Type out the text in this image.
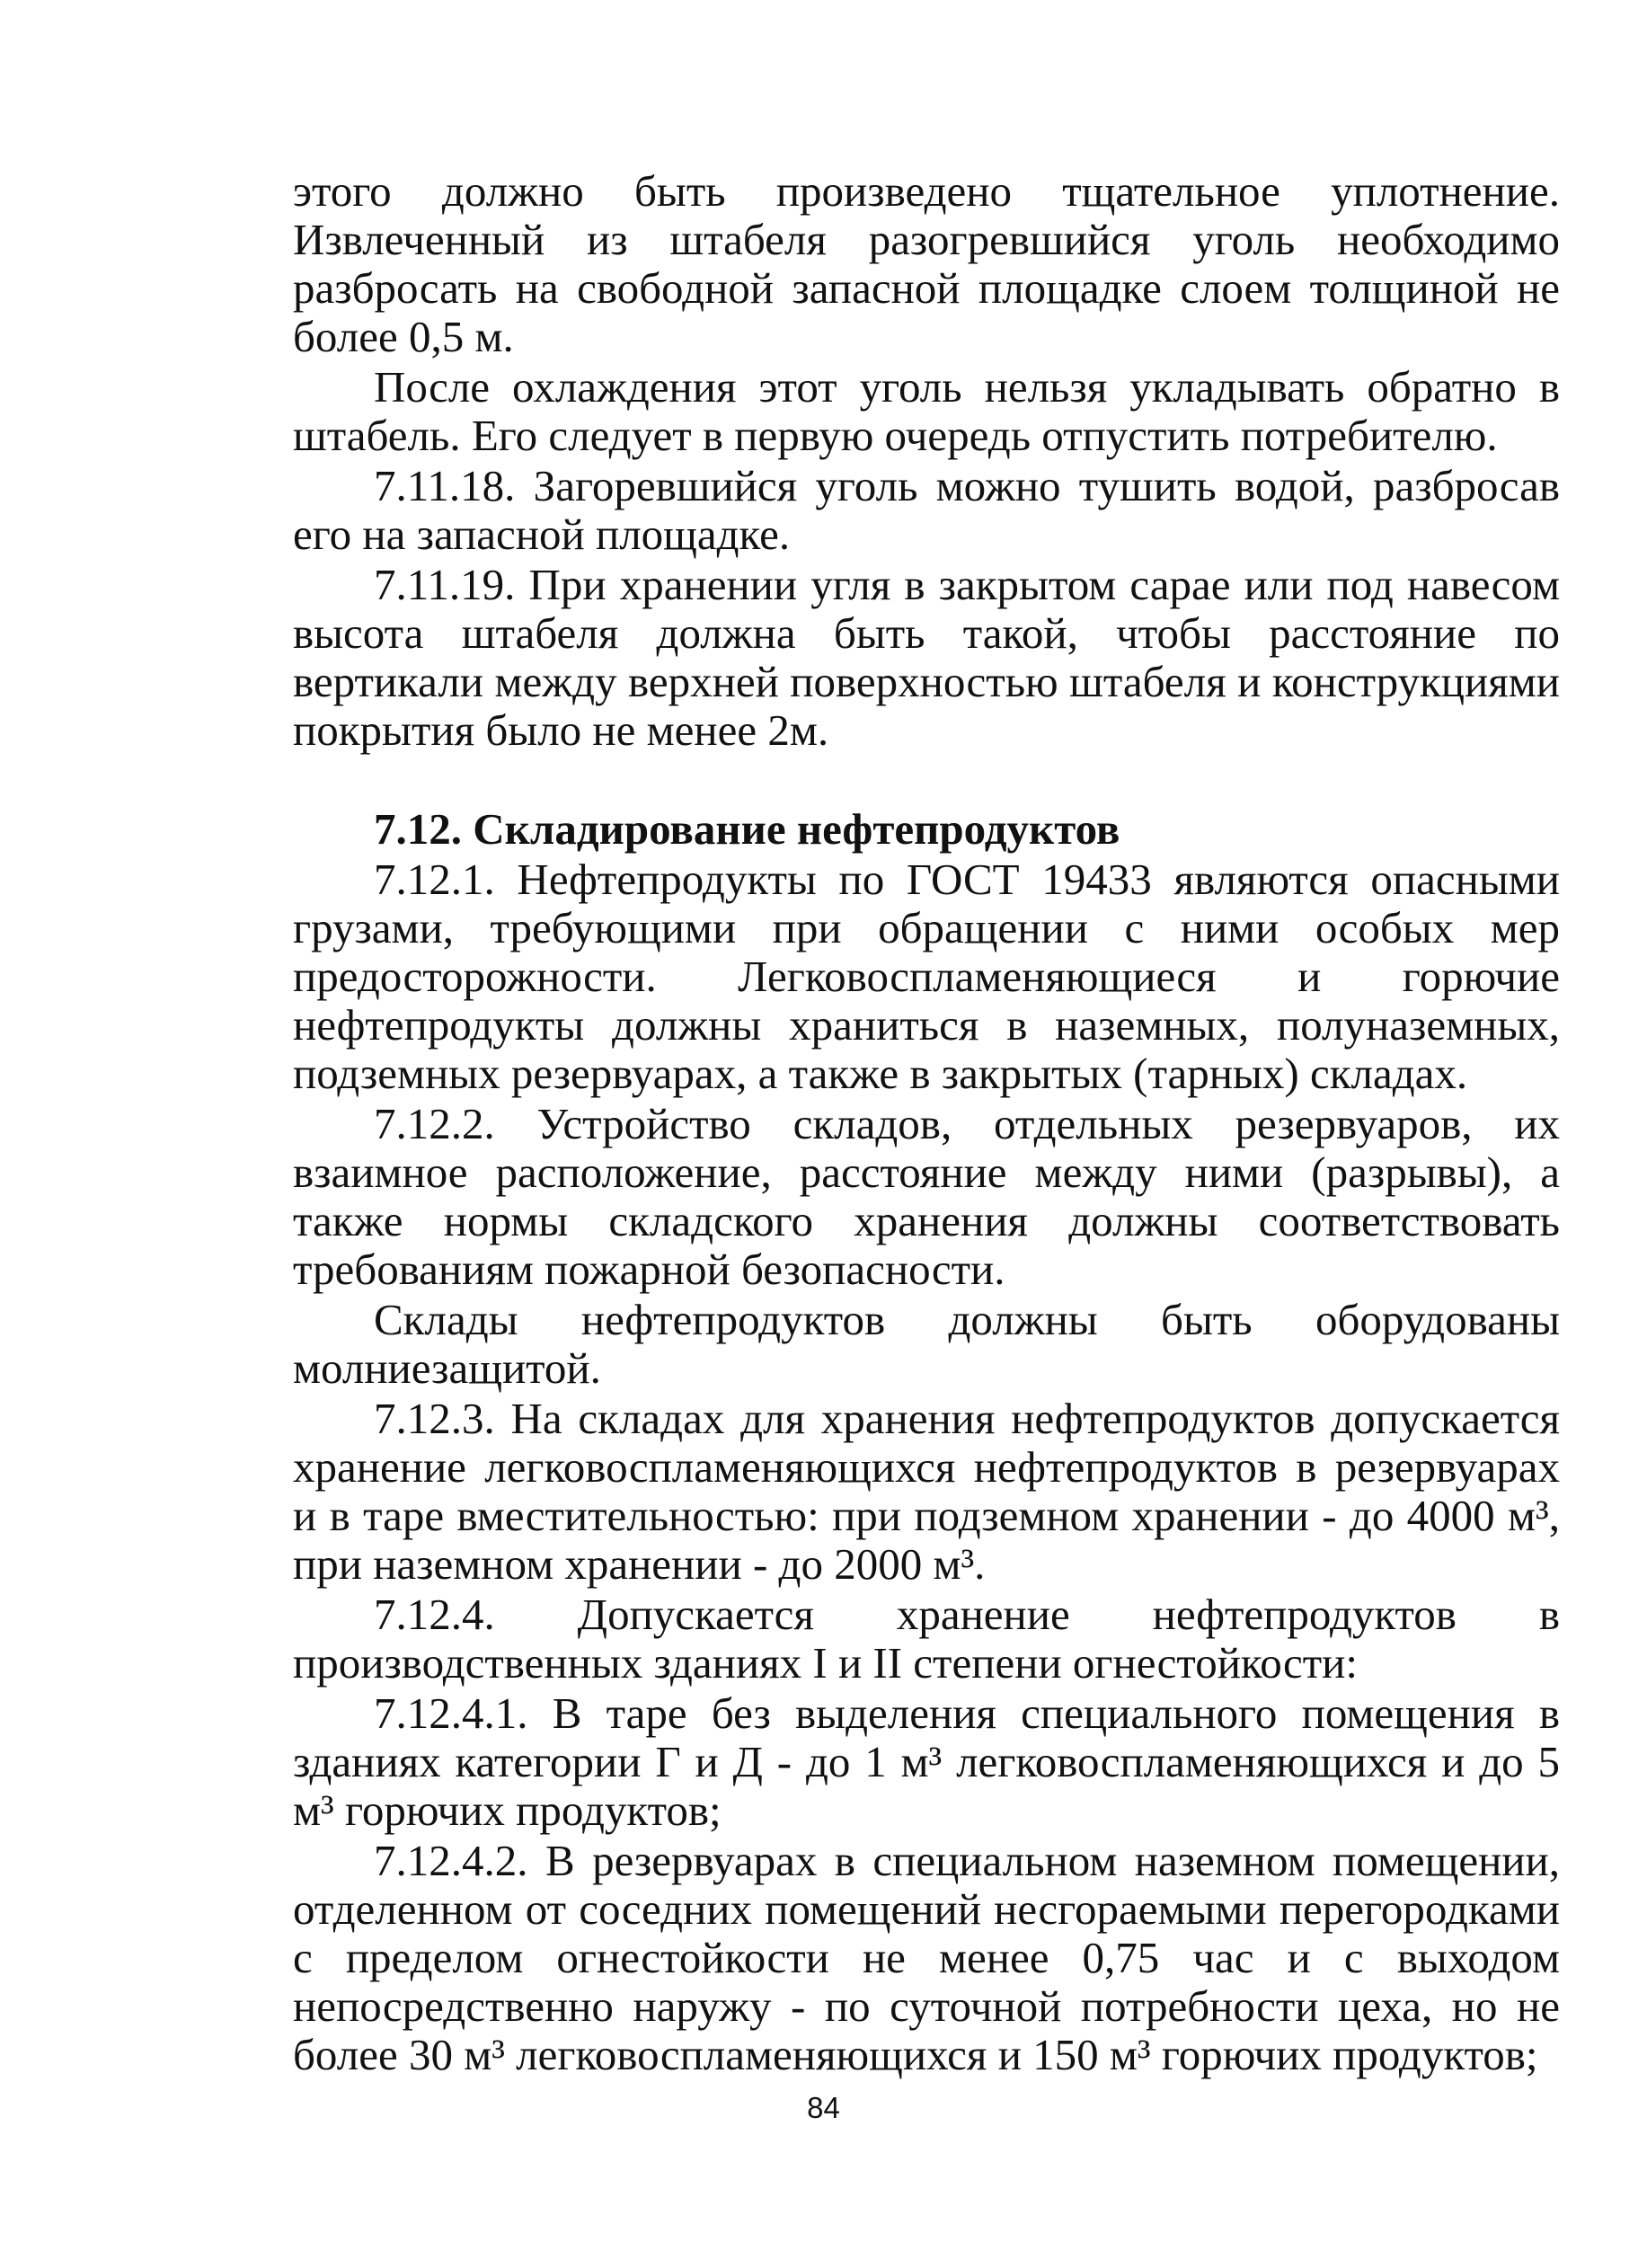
этого должно быть произведено тщательное уплотнение. Извлеченный из штабеля разогревшийся уголь необходимо разбросать на свободной запасной площадке слоем толщиной не более 0,5 м.

После охлаждения этот уголь нельзя укладывать обратно в штабель. Его следует в первую очередь отпустить потребителю.

7.11.18. Загоревшийся уголь можно тушить водой, разбросав его на запасной площадке.

7.11.19. При хранении угля в закрытом сарае или под навесом высота штабеля должна быть такой, чтобы расстояние по вертикали между верхней поверхностью штабеля и конструкциями покрытия было не менее 2м.

7.12. Складирование нефтепродуктов

7.12.1. Нефтепродукты по ГОСТ 19433 являются опасными грузами, требующими при обращении с ними особых мер предосторожности. Легковоспламеняющиеся и горючие нефтепродукты должны храниться в наземных, полуназемных, подземных резервуарах, а также в закрытых (тарных) складах.

7.12.2. Устройство складов, отдельных резервуаров, их взаимное расположение, расстояние между ними (разрывы), а также нормы складского хранения должны соответствовать требованиям пожарной безопасности.

Склады нефтепродуктов должны быть оборудованы молниезащитой.

7.12.3. На складах для хранения нефтепродуктов допускается хранение легковоспламеняющихся нефтепродуктов в резервуарах и в таре вместительностью: при подземном хранении - до 4000 м³, при наземном хранении - до 2000 м³.

7.12.4. Допускается хранение нефтепродуктов в производственных зданиях I и II степени огнестойкости:

7.12.4.1. В таре без выделения специального помещения в зданиях категории Г и Д - до 1 м³ легковоспламеняющихся и до 5 м³ горючих продуктов;

7.12.4.2. В резервуарах в специальном наземном помещении, отделенном от соседних помещений несгораемыми перегородками с пределом огнестойкости не менее 0,75 час и с выходом непосредственно наружу - по суточной потребности цеха, но не более 30 м³ легковоспламеняющихся и 150 м³ горючих продуктов;

84
